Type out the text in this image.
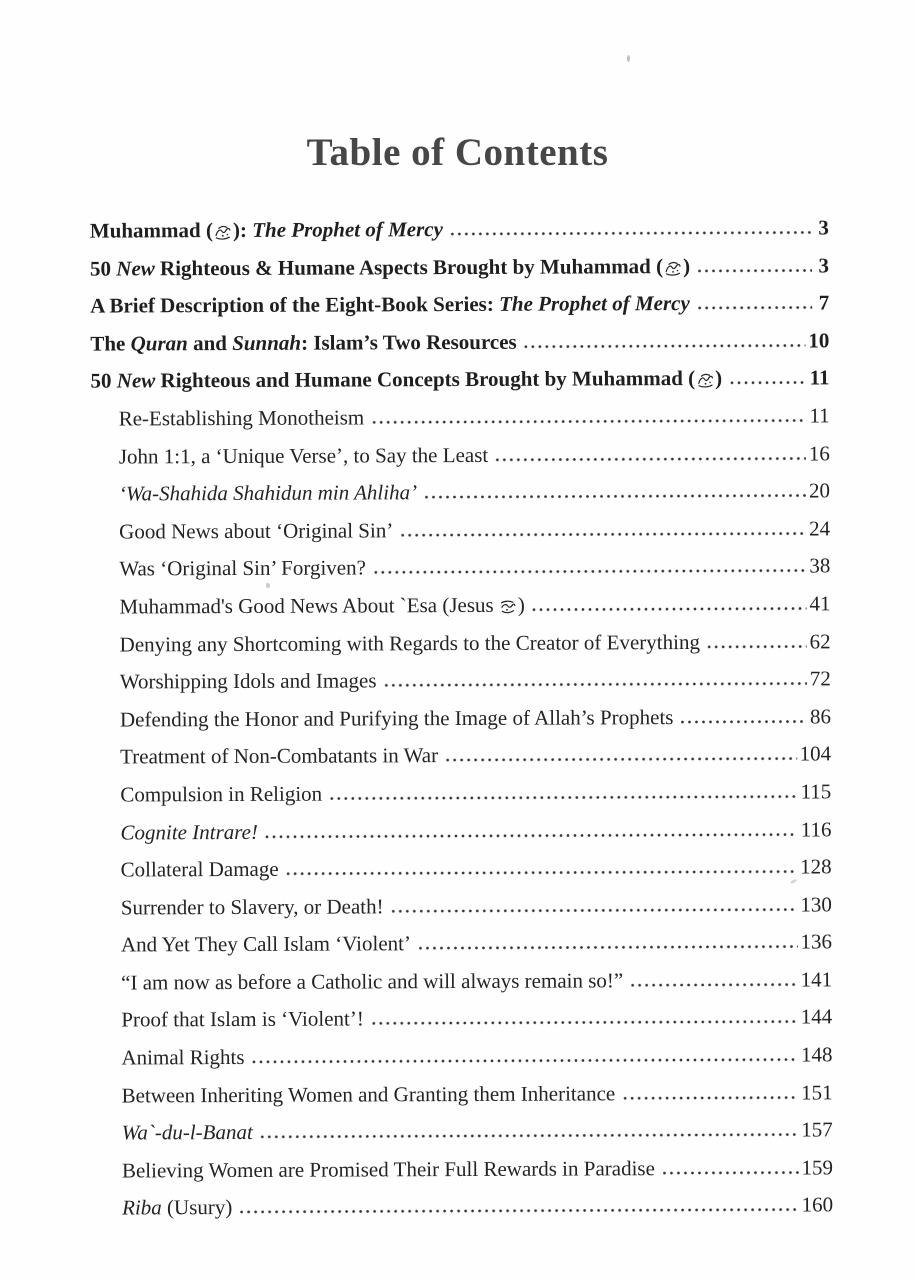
Table of Contents
Muhammad ( ): The Prophet of Mercy	3
50 New Righteous & Humane Aspects Brought by Muhammad ( )	3
A Brief Description of the Eight-Book Series: The Prophet of Mercy	7
The Quran and Sunnah: Islam’s Two Resources	10
50 New Righteous and Humane Concepts Brought by Muhammad ( )	11
Re-Establishing Monotheism	11
John 1:1, a ‘Unique Verse’, to Say the Least	16
‘Wa-Shahida Shahidun min Ahliha’	20
Good News about ‘Original Sin’	24
Was ‘Original Sin’ Forgiven?	38
Muhammad's Good News About `Esa (Jesus )	41
Denying any Shortcoming with Regards to the Creator of Everything	62
Worshipping Idols and Images	72
Defending the Honor and Purifying the Image of Allah’s Prophets	86
Treatment of Non-Combatants in War	104
Compulsion in Religion	115
Cognite Intrare!	116
Collateral Damage	128
Surrender to Slavery, or Death!	130
And Yet They Call Islam ‘Violent’	136
“I am now as before a Catholic and will always remain so!”	141
Proof that Islam is ‘Violent’!	144
Animal Rights	148
Between Inheriting Women and Granting them Inheritance	151
Wa`-du-l-Banat	157
Believing Women are Promised Their Full Rewards in Paradise	159
Riba (Usury)	160
